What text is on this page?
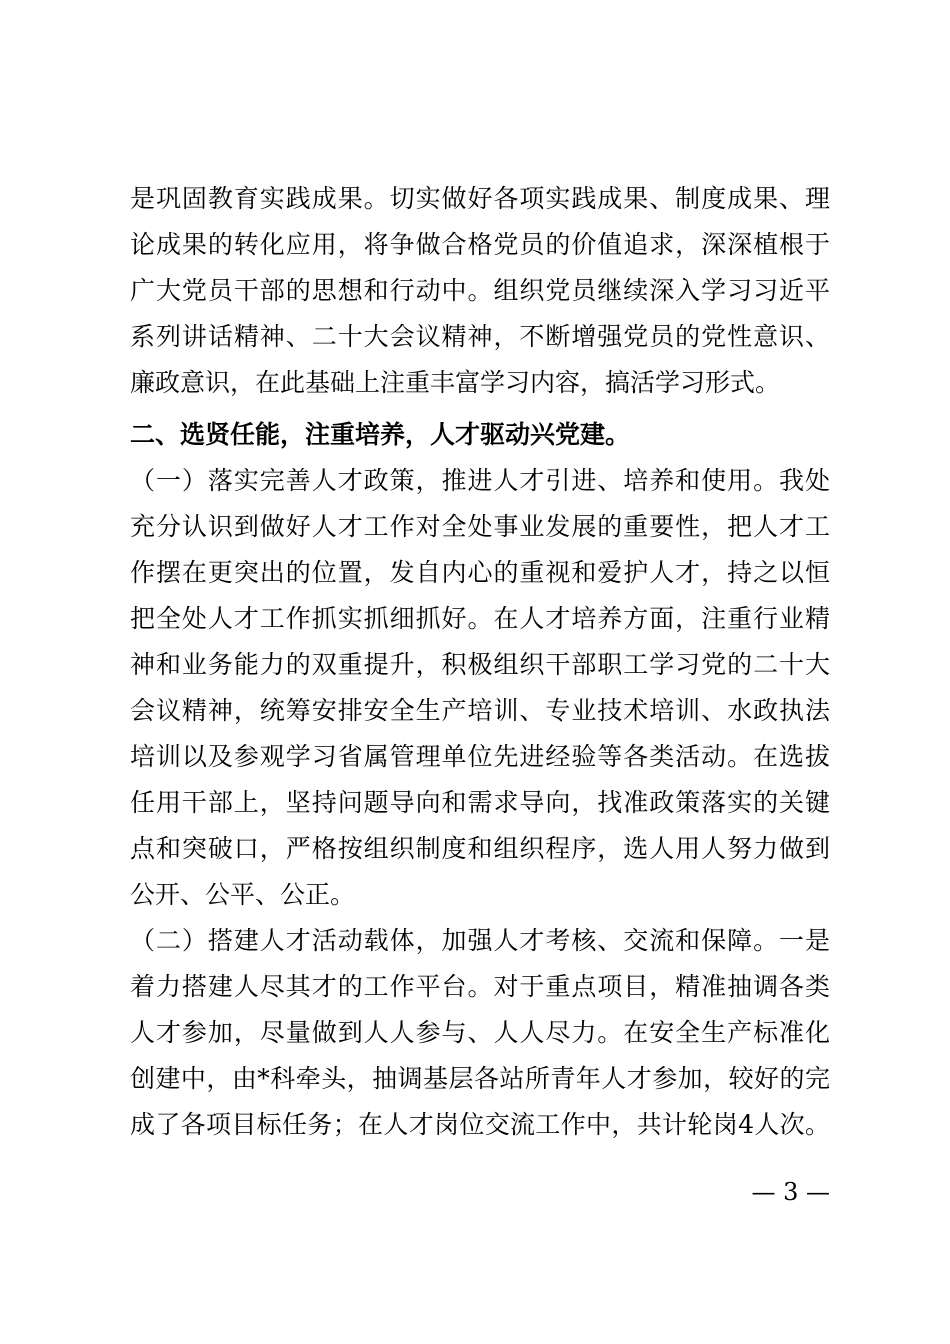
是巩固教育实践成果。切实做好各项实践成果、制度成果、理
论成果的转化应用，将争做合格党员的价值追求，深深植根于
广大党员干部的思想和行动中。组织党员继续深入学习习近平
系列讲话精神、二十大会议精神，不断增强党员的党性意识、
廉政意识，在此基础上注重丰富学习内容，搞活学习形式。
二、选贤任能，注重培养，人才驱动兴党建。
（一）落实完善人才政策，推进人才引进、培养和使用。我处
充分认识到做好人才工作对全处事业发展的重要性，把人才工
作摆在更突出的位置，发自内心的重视和爱护人才，持之以恒
把全处人才工作抓实抓细抓好。在人才培养方面，注重行业精
神和业务能力的双重提升，积极组织干部职工学习党的二十大
会议精神，统筹安排安全生产培训、专业技术培训、水政执法
培训以及参观学习省属管理单位先进经验等各类活动。在选拔
任用干部上，坚持问题导向和需求导向，找准政策落实的关键
点和突破口，严格按组织制度和组织程序，选人用人努力做到
公开、公平、公正。
（二）搭建人才活动载体，加强人才考核、交流和保障。一是
着力搭建人尽其才的工作平台。对于重点项目，精准抽调各类
人才参加，尽量做到人人参与、人人尽力。在安全生产标准化
创建中，由*科牵头，抽调基层各站所青年人才参加，较好的完
成了各项目标任务；在人才岗位交流工作中，共计轮岗4人次。
— 3 —
